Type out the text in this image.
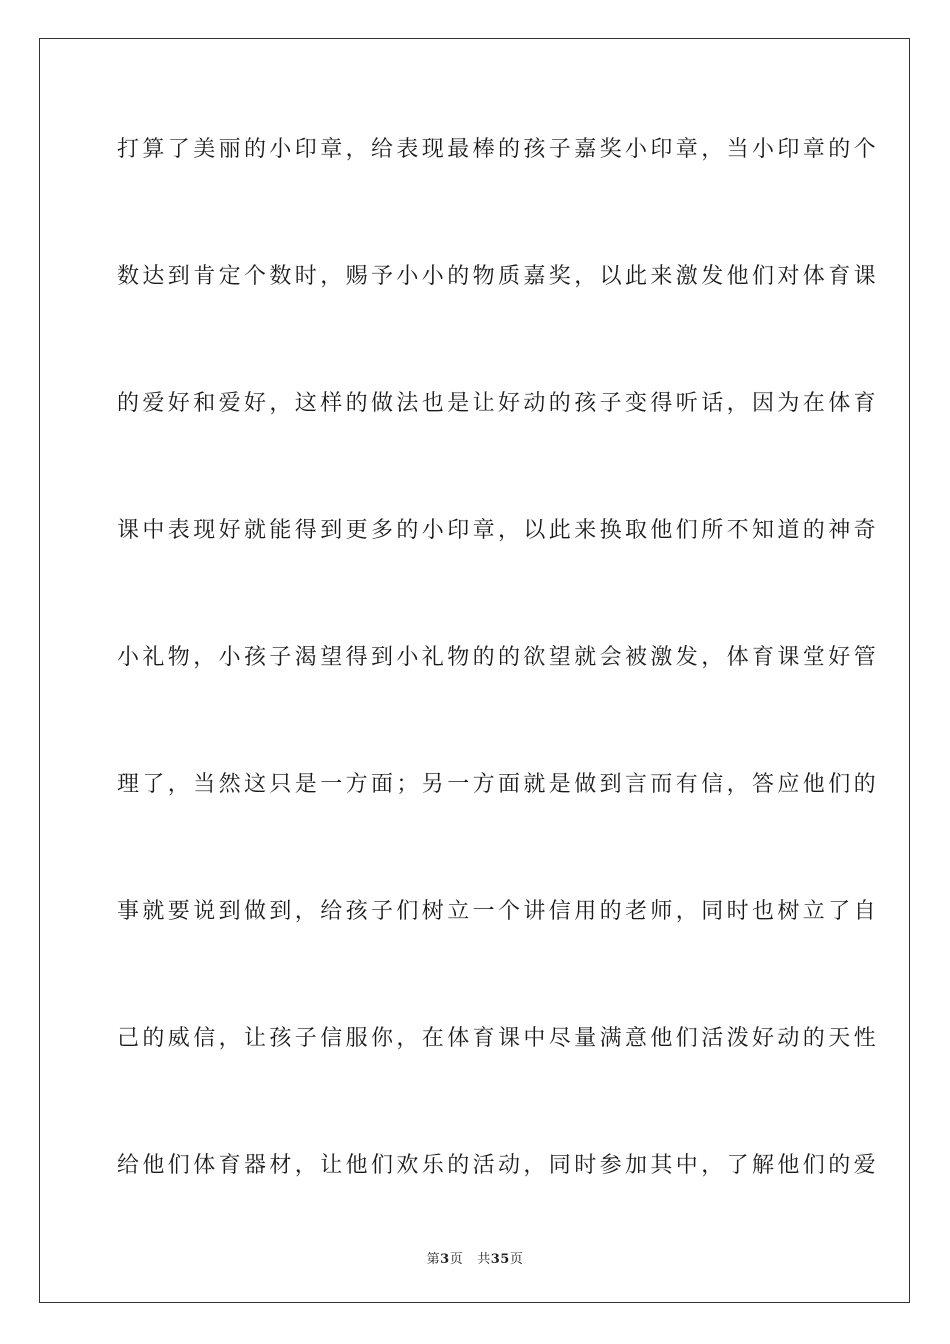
打算了美丽的小印章，给表现最棒的孩子嘉奖小印章，当小印章的个
数达到肯定个数时，赐予小小的物质嘉奖，以此来激发他们对体育课
的爱好和爱好，这样的做法也是让好动的孩子变得听话，因为在体育
课中表现好就能得到更多的小印章，以此来换取他们所不知道的神奇
小礼物，小孩子渴望得到小礼物的的欲望就会被激发，体育课堂好管
理了，当然这只是一方面；另一方面就是做到言而有信，答应他们的
事就要说到做到，给孩子们树立一个讲信用的老师，同时也树立了自
己的威信，让孩子信服你，在体育课中尽量满意他们活泼好动的天性
给他们体育器材，让他们欢乐的活动，同时参加其中，了解他们的爱
第3页 共35页
